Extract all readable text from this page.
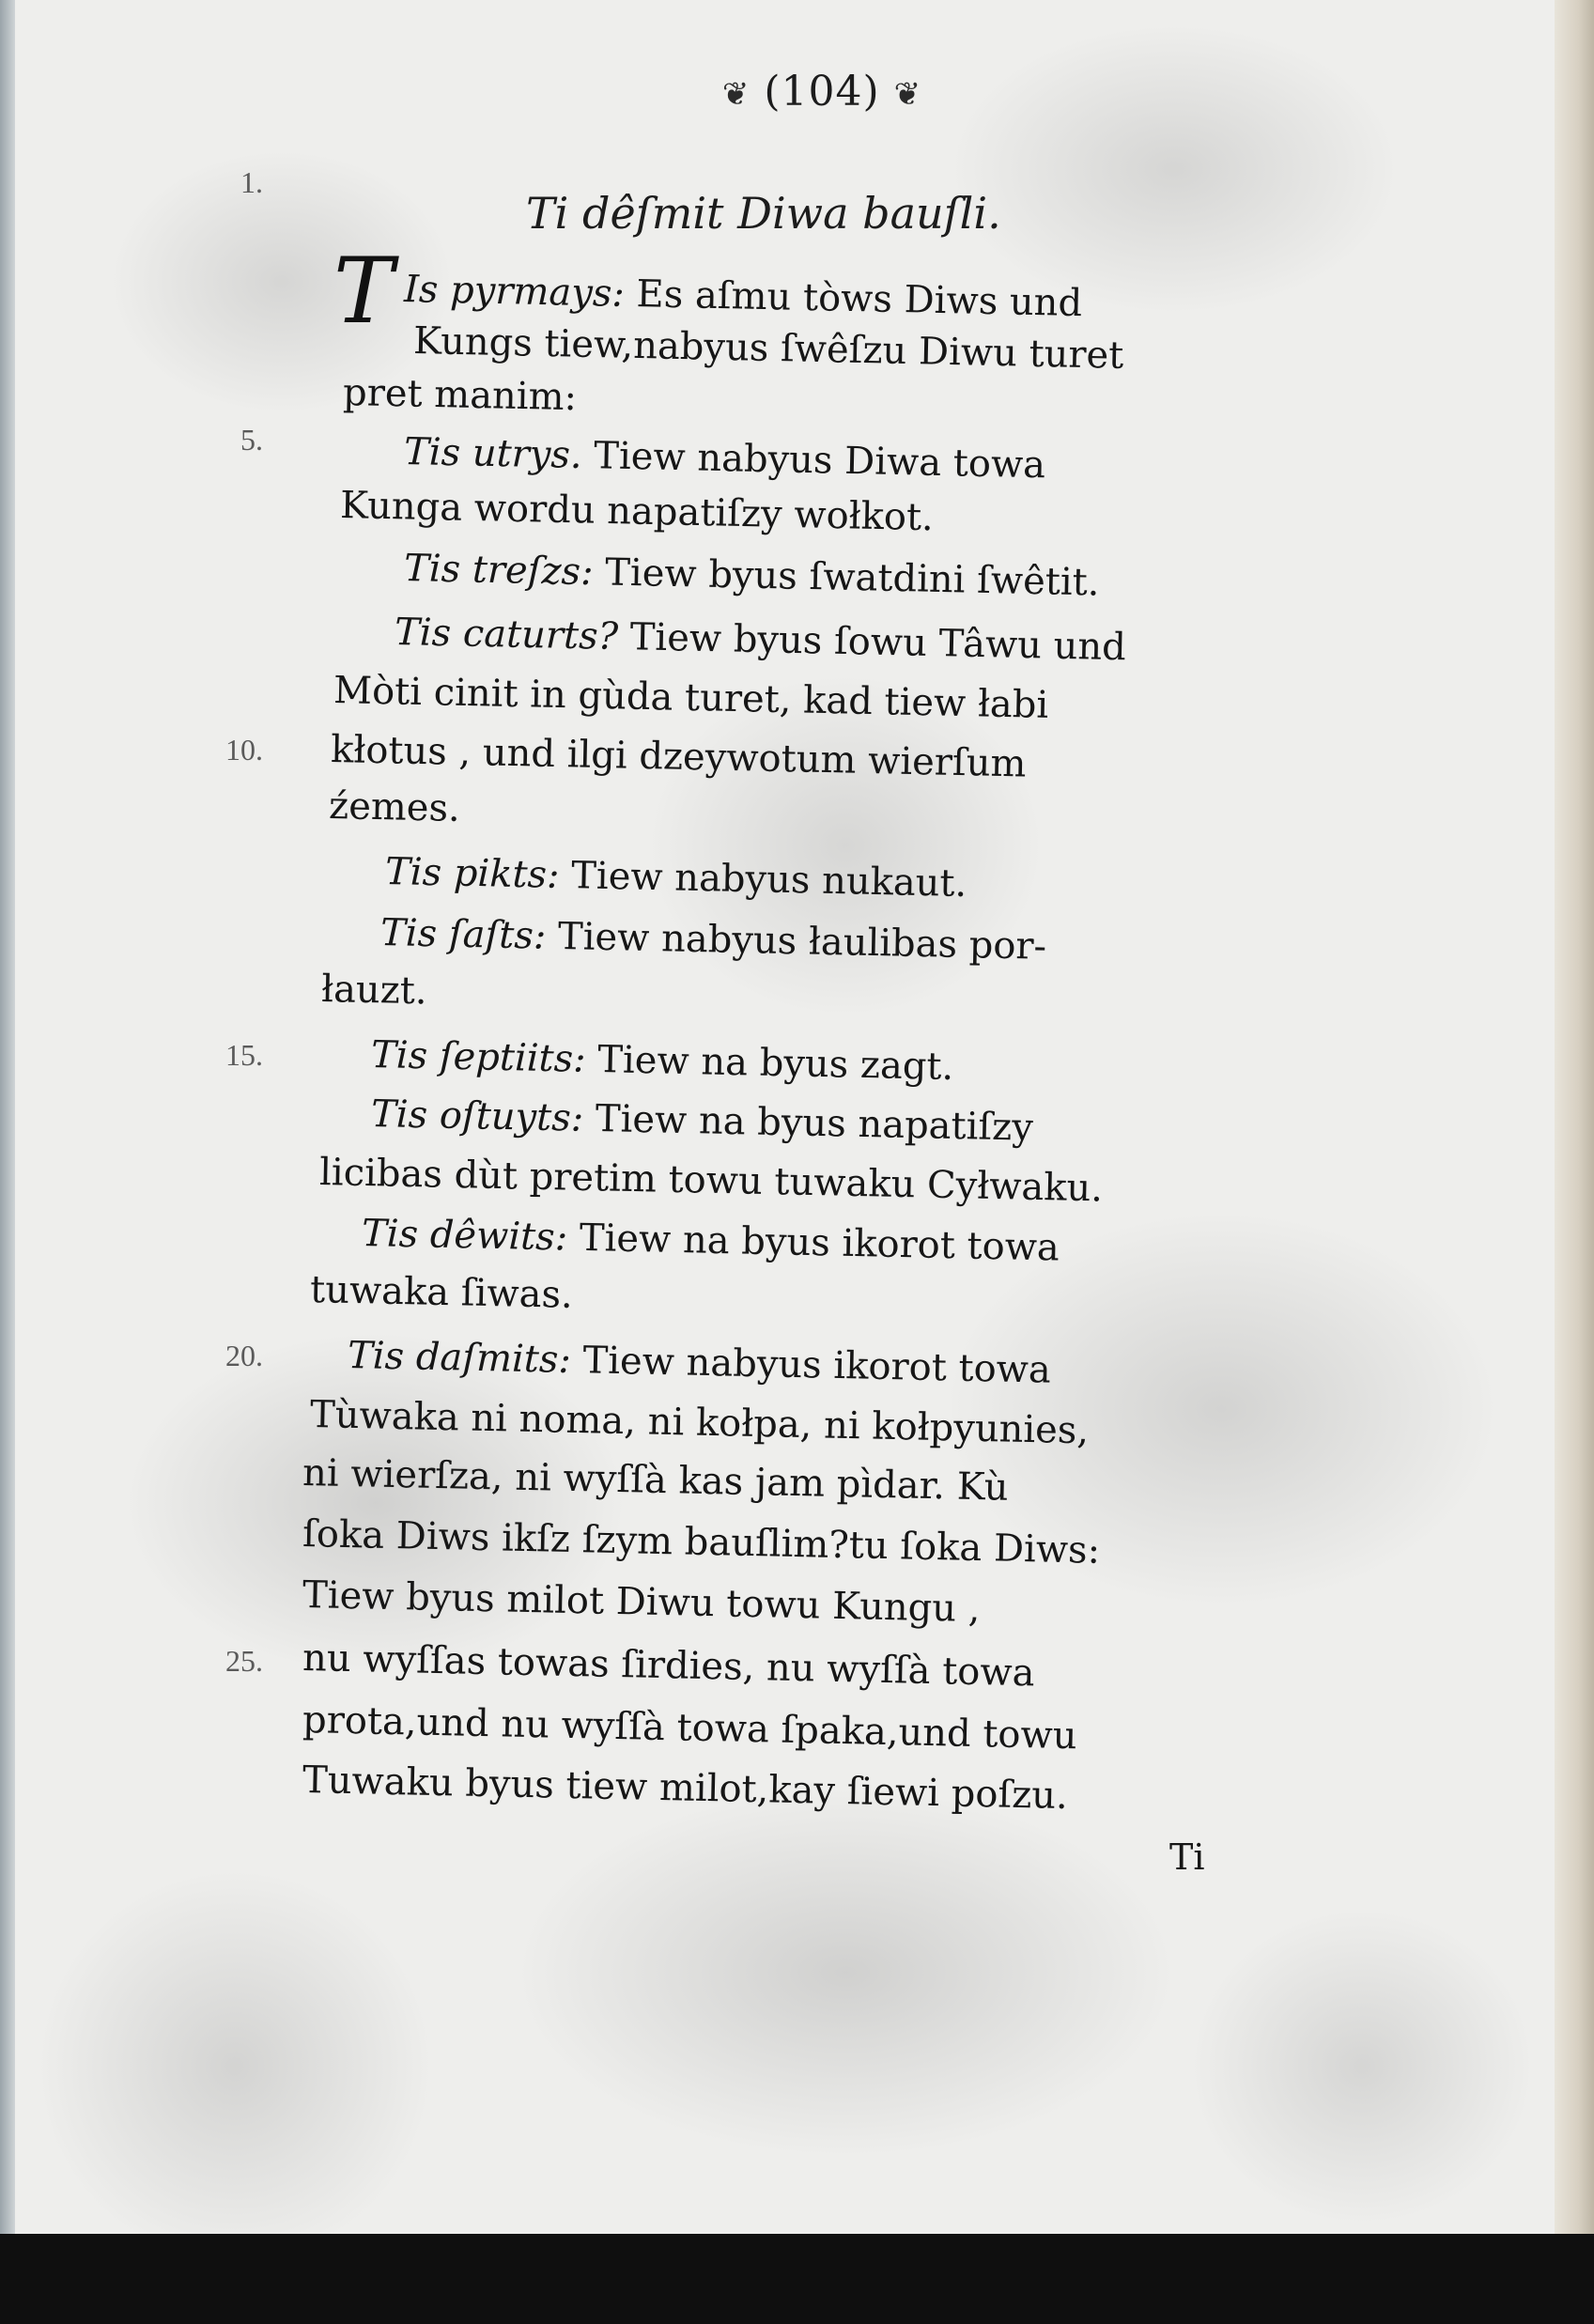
❦ (104) ❦
1.
5.
10.
15.
20.
25.
Ti dêſmit Diwa bauſli.
T Is pyrmays: Es aſmu tòws Diws und
Kungs tiew,nabyus ſwêſzu Diwu turet
pret manim:
Tis utrys. Tiew nabyus Diwa towa
Kunga wordu napatiſzy wołkot.
Tis treſzs: Tiew byus ſwatdini ſwêtit.
Tis caturts? Tiew byus ſowu Tâwu und
Mòti cinit in gùda turet, kad tiew łabi
kłotus , und ilgi dzeywotum wierſum
źemes.
Tis pikts: Tiew nabyus nukaut.
Tis ſaſts: Tiew nabyus łaulibas por-
łauzt.
Tis ſeptiits: Tiew na byus zagt.
Tis oſtuyts: Tiew na byus napatiſzy
licibas dùt pretim towu tuwaku Cyłwaku.
Tis dêwits: Tiew na byus ikorot towa
tuwaka ſiwas.
Tis daſmits: Tiew nabyus ikorot towa
Tùwaka ni noma, ni kołpa, ni kołpyunies,
ni wierſza, ni wyſſà kas jam pìdar. Kù
ſoka Diws ikſz ſzym bauſlim?tu ſoka Diws:
Tiew byus milot Diwu towu Kungu ,
nu wyſſas towas ſirdies, nu wyſſà towa
prota,und nu wyſſà towa ſpaka,und towu
Tuwaku byus tiew milot,kay ſiewi poſzu.
Ti
